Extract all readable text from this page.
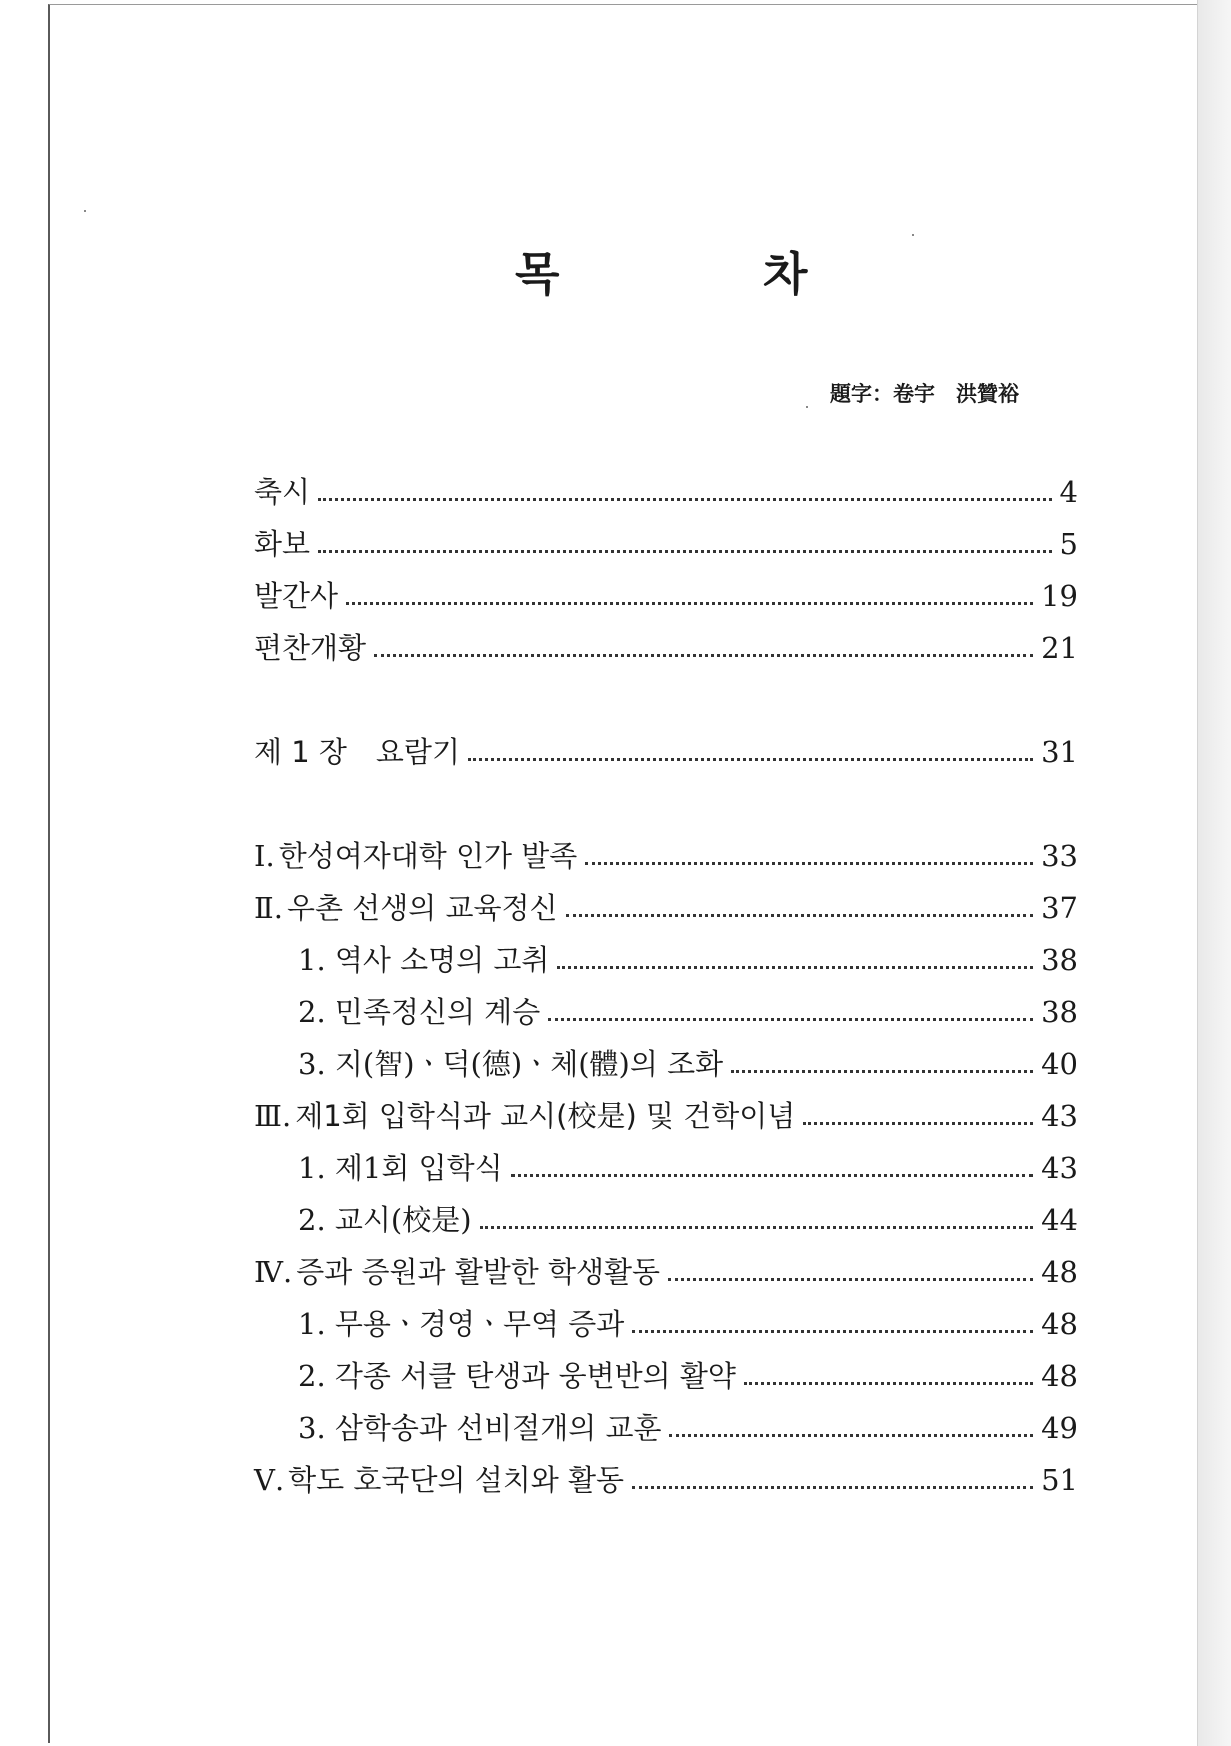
목	차
題字：卷宇　洪贊裕
축시	4
화보	5
발간사	19
편찬개황	21
제 1 장　요람기	31
Ⅰ. 한성여자대학 인가 발족	33
Ⅱ. 우촌 선생의 교육정신	37
1. 역사 소명의 고취	38
2. 민족정신의 계승	38
3. 지(智)ㆍ덕(德)ㆍ체(體)의 조화	40
Ⅲ. 제1회 입학식과 교시(校是) 및 건학이념	43
1. 제1회 입학식	43
2. 교시(校是)	44
Ⅳ. 증과 증원과 활발한 학생활동	48
1. 무용ㆍ경영ㆍ무역 증과	48
2. 각종 서클 탄생과 웅변반의 활약	48
3. 삼학송과 선비절개의 교훈	49
Ⅴ. 학도 호국단의 설치와 활동	51
